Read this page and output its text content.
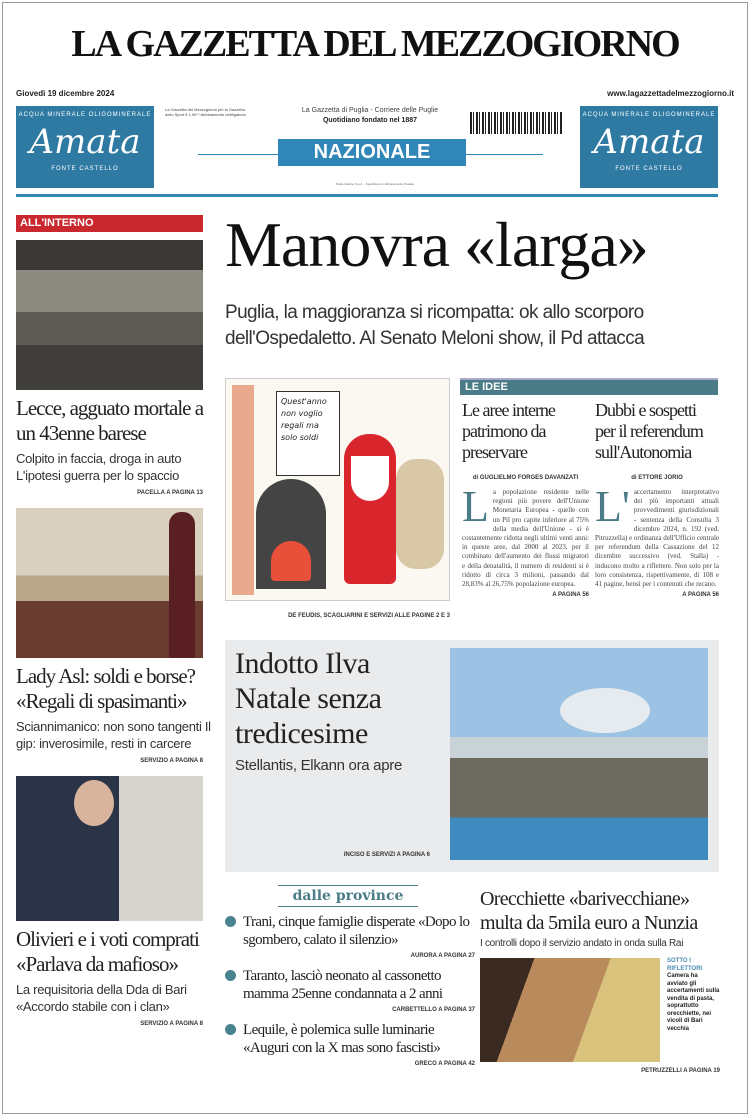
LA GAZZETTA DEL MEZZOGIORNO
Giovedì 19 dicembre 2024	www.lagazzettadelmezzogiorno.it
ACQUA MINERALE OLIGOMINERALE
Amata
FONTE CASTELLO
ACQUA MINERALE OLIGOMINERALE
Amata
FONTE CASTELLO
La Gazzetta del Mezzogiorno più la Gazzetta dello Sport € 1,90* *Abbinamento obbligatorio
La Gazzetta di Puglia - Corriere delle Puglie
Quotidiano fondato nel 1887
NAZIONALE
Poste Italiane S.p.A. - Spedizione in Abbonamento Postale
ALL'INTERNO
Lecce, agguato mortale a un 43enne barese
Colpito in faccia, droga in auto L'ipotesi guerra per lo spaccio
PACELLA A PAGINA 13
Lady Asl: soldi e borse? «Regali di spasimanti»
Sciannimanico: non sono tangenti Il gip: inverosimile, resti in carcere
SERVIZIO A PAGINA 8
Olivieri e i voti comprati «Parlava da mafioso»
La requisitoria della Dda di Bari «Accordo stabile con i clan»
SERVIZIO A PAGINA 8
Manovra «larga»
Puglia, la maggioranza si ricompatta: ok allo scorporo dell'Ospedaletto. Al Senato Meloni show, il Pd attacca
Quest'anno non voglio regali ma solo soldi
DE FEUDIS, SCAGLIARINI E SERVIZI ALLE PAGINE 2 E 3
LE IDEE
Le aree interne patrimono da preservare
di GUGLIELMO FORGES DAVANZATI
La popolazione residente nelle regioni più povere dell'Unione Monetaria Europea - quelle con un Pil pro capite inferiore al 75% della media dell'Unione - si è costantemente ridotta negli ultimi venti anni: in queste aree, dal 2000 al 2023, per il combinato dell'aumento dei flussi migratori e della denatalità, il numero di residenti si è ridotto di circa 3 milioni, passando dal 28,83% al 26,75% popolazione europea.
A PAGINA 56
Dubbi e sospetti per il referendum sull'Autonomia
di ETTORE JORIO
L' accertamento interpretativo dei più importanti attuali provvedimenti giurisdizionali - sentenza della Consulta 3 dicembre 2024, n. 192 (ved. Pitruzzella) e ordinanza dell'Ufficio centrale per referendum della Cassazione del 12 dicembre successivo (ved. Stalla) - inducono molto a riflettere. Non solo per la loro consistenza, rispettivamente, di 108 e 41 pagine, bensì per i contenuti che recano.
A PAGINA 56
Indotto Ilva Natale senza tredicesime
Stellantis, Elkann ora apre
INCISO E SERVIZI A PAGINA 6
dalle province
Trani, cinque famiglie disperate «Dopo lo sgombero, calato il silenzio»
AURORA A PAGINA 27
Taranto, lasciò neonato al cassonetto mamma 25enne condannata a 2 anni
CARBETTELLO A PAGINA 37
Lequile, è polemica sulle luminarie «Auguri con la X mas sono fascisti»
GRECO A PAGINA 42
Orecchiette «barivecchiane» multa da 5mila euro a Nunzia
I controlli dopo il servizio andato in onda sulla Rai
SOTTO I RIFLETTORI
Camera ha avviato gli accertamenti sulla vendita di pasta, soprattutto orecchiette, nei vicoli di Bari vecchia
PETRUZZELLI A PAGINA 19
